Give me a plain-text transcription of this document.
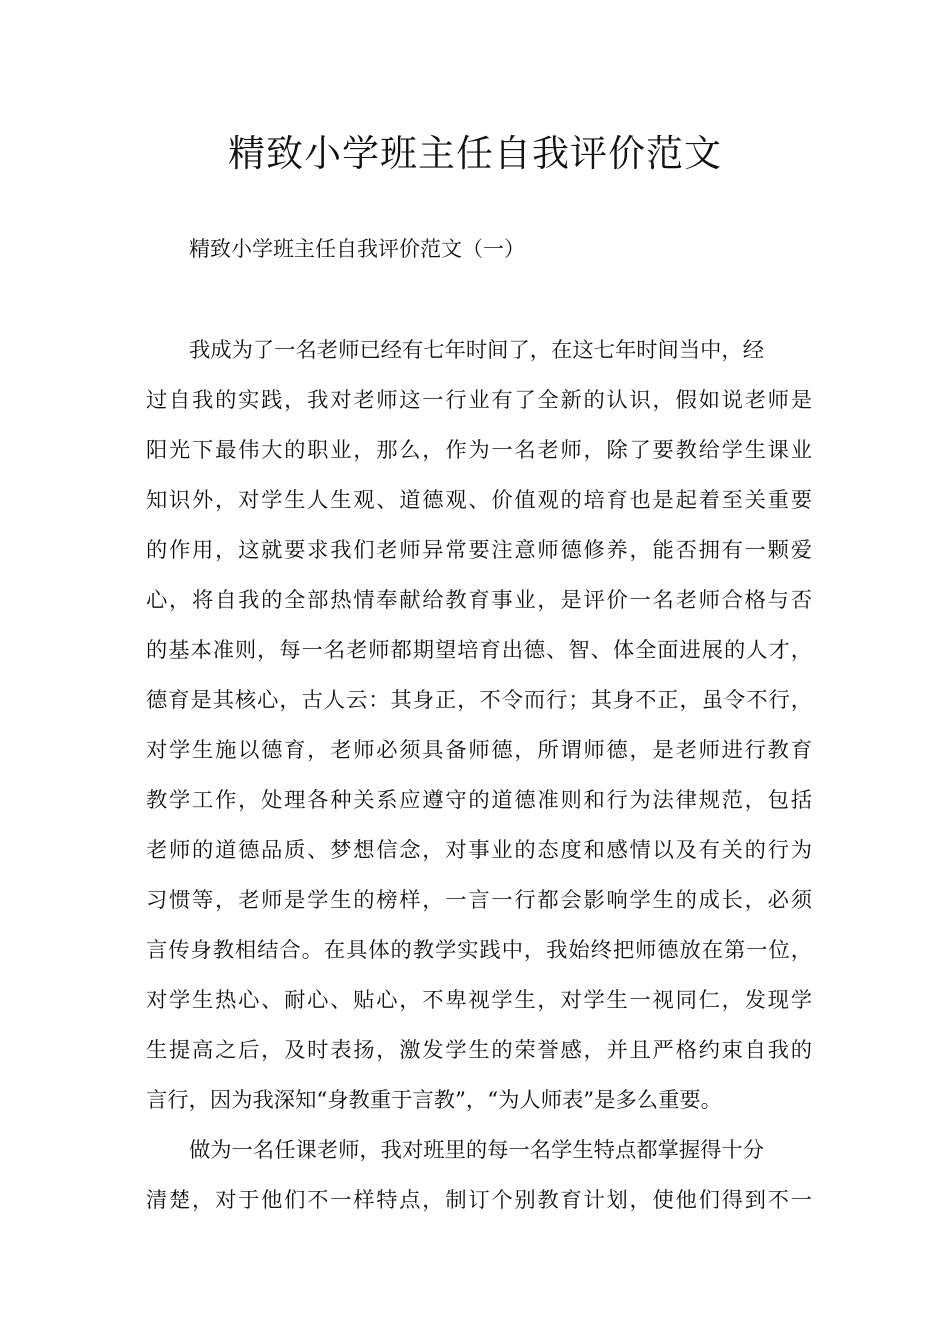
精致小学班主任自我评价范文

精致小学班主任自我评价范文（一）

我成为了一名老师已经有七年时间了，在这七年时间当中，经
过自我的实践，我对老师这一行业有了全新的认识，假如说老师是
阳光下最伟大的职业，那么，作为一名老师，除了要教给学生课业
知识外，对学生人生观、道德观、价值观的培育也是起着至关重要
的作用，这就要求我们老师异常要注意师德修养，能否拥有一颗爱
心，将自我的全部热情奉献给教育事业，是评价一名老师合格与否
的基本准则，每一名老师都期望培育出德、智、体全面进展的人才，
德育是其核心，古人云：其身正，不令而行；其身不正，虽令不行，
对学生施以德育，老师必须具备师德，所谓师德，是老师进行教育
教学工作，处理各种关系应遵守的道德准则和行为法律规范，包括
老师的道德品质、梦想信念，对事业的态度和感情以及有关的行为
习惯等，老师是学生的榜样，一言一行都会影响学生的成长，必须
言传身教相结合。在具体的教学实践中，我始终把师德放在第一位，
对学生热心、耐心、贴心，不卑视学生，对学生一视同仁，发现学
生提高之后，及时表扬，激发学生的荣誉感，并且严格约束自我的
言行，因为我深知“身教重于言教”，“为人师表”是多么重要。
做为一名任课老师，我对班里的每一名学生特点都掌握得十分
清楚，对于他们不一样特点，制订个别教育计划，使他们得到不一
